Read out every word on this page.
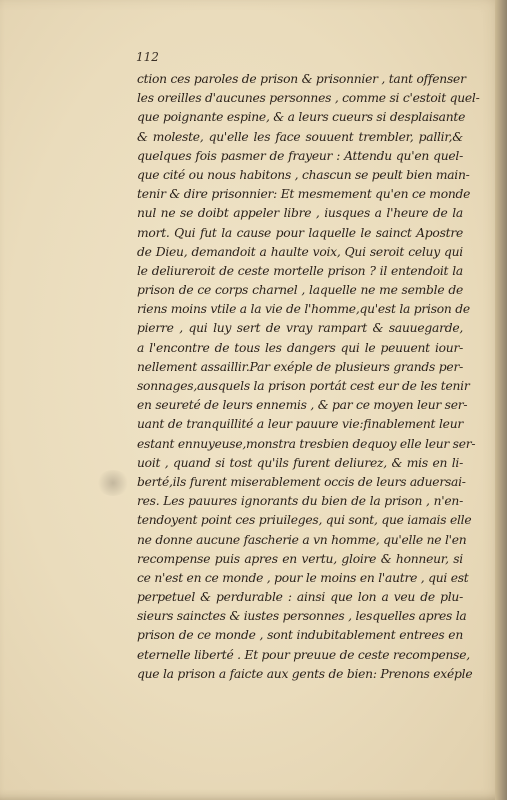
112
ction ces paroles de prison & prisonnier , tant offenser
les oreilles d'aucunes personnes , comme si c'estoit quel-
que poignante espine, & a leurs cueurs si desplaisante
& moleste, qu'elle les face souuent trembler, pallir,&
quelques fois pasmer de frayeur : Attendu qu'en quel-
que cité ou nous habitons , chascun se peult bien main-
tenir & dire prisonnier: Et mesmement qu'en ce monde
nul ne se doibt appeler libre , iusques a l'heure de la
mort. Qui fut la cause pour laquelle le sainct Apostre
de Dieu, demandoit a haulte voix, Qui seroit celuy qui
le deliureroit de ceste mortelle prison ? il entendoit la
prison de ce corps charnel , laquelle ne me semble de
riens moins vtile a la vie de l'homme,qu'est la prison de
pierre , qui luy sert de vray rampart & sauuegarde,
a l'encontre de tous les dangers qui le peuuent iour-
nellement assaillir.Par exéple de plusieurs grands per-
sonnages,ausquels la prison portát cest eur de les tenir
en seureté de leurs ennemis , & par ce moyen leur ser-
uant de tranquillité a leur pauure vie:finablement leur
estant ennuyeuse,monstra tresbien dequoy elle leur ser-
uoit , quand si tost qu'ils furent deliurez, & mis en li-
berté,ils furent miserablement occis de leurs aduersai-
res. Les pauures ignorants du bien de la prison , n'en-
tendoyent point ces priuileges, qui sont, que iamais elle
ne donne aucune fascherie a vn homme, qu'elle ne l'en
recompense puis apres en vertu, gloire & honneur, si
ce n'est en ce monde , pour le moins en l'autre , qui est
perpetuel & perdurable : ainsi que lon a veu de plu-
sieurs sainctes & iustes personnes , lesquelles apres la
prison de ce monde , sont indubitablement entrees en
eternelle liberté . Et pour preuue de ceste recompense,
que la prison a faicte aux gents de bien: Prenons exéple
